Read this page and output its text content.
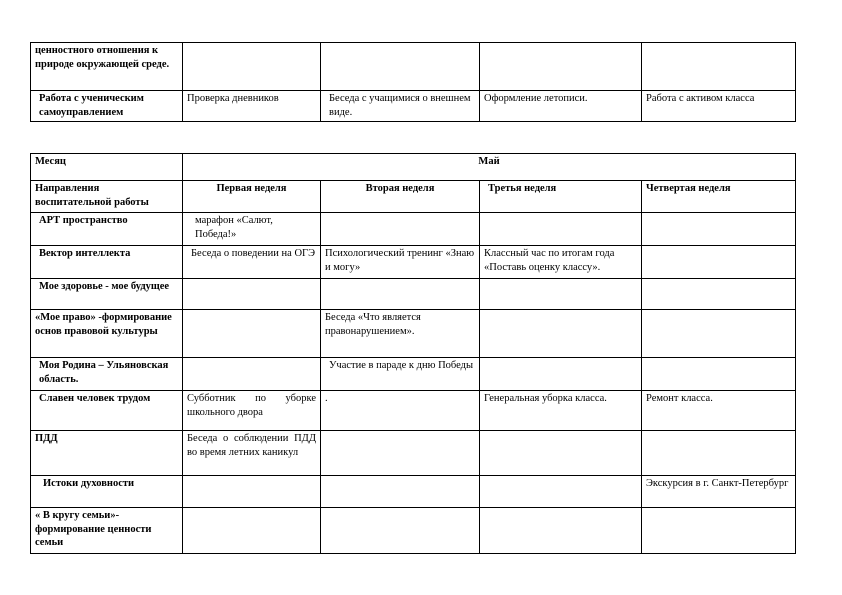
ценностного отношения к природе окружающей среде.				
Работа с ученическим самоуправлением	Проверка дневников	Беседа с учащимися о внешнем виде.	Оформление летописи.	Работа с активом класса
Месяц	Май			
Направления воспитательной работы	Первая неделя	Вторая неделя	Третья неделя	Четвертая неделя
АРТ пространство	марафон «Салют, Победа!»			
Вектор интеллекта	Беседа о поведении на ОГЭ	Психологический тренинг «Знаю и могу»	Классный час по итогам года «Поставь оценку классу».	
Мое здоровье - мое будущее				
«Мое право» -формирование основ правовой культуры		Беседа «Что является правонарушением».		
Моя Родина – Ульяновская область.		Участие в параде к дню Победы		
Славен человек трудом	Субботник по уборке школьного двора	.	Генеральная уборка класса.	Ремонт класса.
ПДД	Беседа о соблюдении ПДД во время летних каникул			
Истоки духовности				Экскурсия в г. Санкт-Петербург
« В кругу семьи»- формирование ценности семьи				
